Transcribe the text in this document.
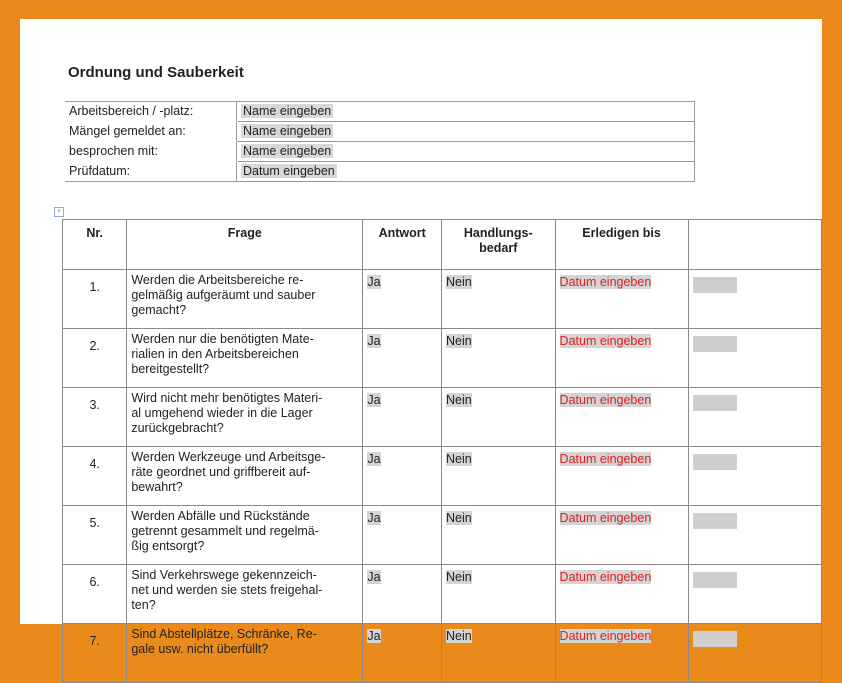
Ordnung und Sauberkeit
Arbeitsbereich / -platz:	Name eingeben
Mängel gemeldet an:	Name eingeben
besprochen mit:	Name eingeben
Prüfdatum:	Datum eingeben
+
Nr.	Frage	Antwort	Handlungs-
bedarf	Erledigen bis	
1.	Werden die Arbeitsbereiche re-
gelmäßig aufgeräumt und sauber
gemacht?	Ja	Nein	Datum eingeben	
2.	Werden nur die benötigten Mate-
rialien in den Arbeitsbereichen
bereitgestellt?	Ja	Nein	Datum eingeben	
3.	Wird nicht mehr benötigtes Materi-
al umgehend wieder in die Lager
zurückgebracht?	Ja	Nein	Datum eingeben	
4.	Werden Werkzeuge und Arbeitsge-
räte geordnet und griffbereit auf-
bewahrt?	Ja	Nein	Datum eingeben	
5.	Werden Abfälle und Rückstände
getrennt gesammelt und regelmä-
ßig entsorgt?	Ja	Nein	Datum eingeben	
6.	Sind Verkehrswege gekennzeich-
net und werden sie stets freigehal-
ten?	Ja	Nein	Datum eingeben	
7.	Sind Abstellplätze, Schränke, Re-
gale usw. nicht überfüllt?	Ja	Nein	Datum eingeben	
